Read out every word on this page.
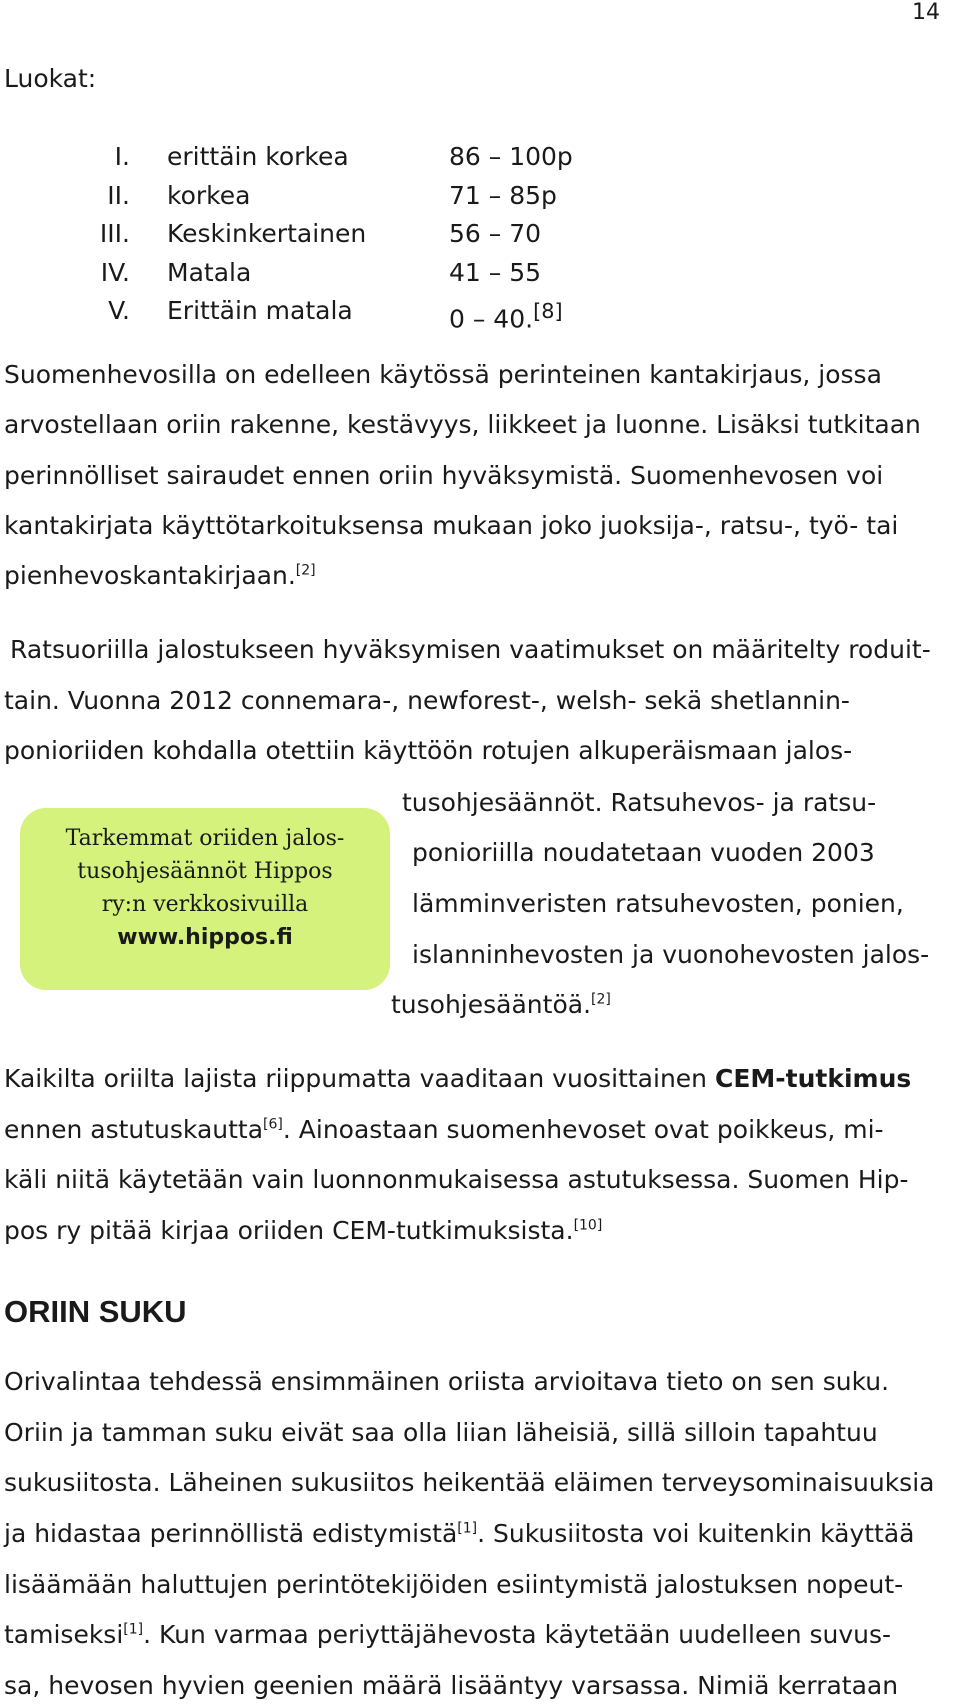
14
Luokat:
I. erittäin korkea	86 – 100p
II. korkea	71 – 85p
III. Keskinkertainen	56 – 70
IV. Matala	41 – 55
V. Erittäin matala	0 – 40.[8]
Suomenhevosilla on edelleen käytössä perinteinen kantakirjaus, jossa
arvostellaan oriin rakenne, kestävyys, liikkeet ja luonne. Lisäksi tutkitaan
perinnölliset sairaudet ennen oriin hyväksymistä. Suomenhevosen voi
kantakirjata käyttötarkoituksensa mukaan joko juoksija-, ratsu-, työ- tai
pienhevoskantakirjaan.[2]
Ratsuoriilla jalostukseen hyväksymisen vaatimukset on määritelty roduit-
tain. Vuonna 2012 connemara-, newforest-, welsh- sekä shetlannin-
ponioriiden kohdalla otettiin käyttöön rotujen alkuperäismaan jalos-
tusohjesäännöt. Ratsuhevos- ja ratsu-
ponioriilla noudatetaan vuoden 2003
lämminveristen ratsuhevosten, ponien,
islanninhevosten ja vuonohevosten jalos-
tusohjesääntöä.[2]
Tarkemmat oriiden jalos-
tusohjesäännöt Hippos
ry:n verkkosivuilla
www.hippos.fi
Kaikilta oriilta lajista riippumatta vaaditaan vuosittainen CEM-tutkimus
ennen astutuskautta[6]. Ainoastaan suomenhevoset ovat poikkeus, mi-
käli niitä käytetään vain luonnonmukaisessa astutuksessa. Suomen Hip-
pos ry pitää kirjaa oriiden CEM-tutkimuksista.[10]
ORIIN SUKU
Orivalintaa tehdessä ensimmäinen oriista arvioitava tieto on sen suku.
Oriin ja tamman suku eivät saa olla liian läheisiä, sillä silloin tapahtuu
sukusiitosta. Läheinen sukusiitos heikentää eläimen terveysominaisuuksia
ja hidastaa perinnöllistä edistymistä[1]. Sukusiitosta voi kuitenkin käyttää
lisäämään haluttujen perintötekijöiden esiintymistä jalostuksen nopeut-
tamiseksi[1]. Kun varmaa periyttäjähevosta käytetään uudelleen suvus-
sa, hevosen hyvien geenien määrä lisääntyy varsassa. Nimiä kerrataan
